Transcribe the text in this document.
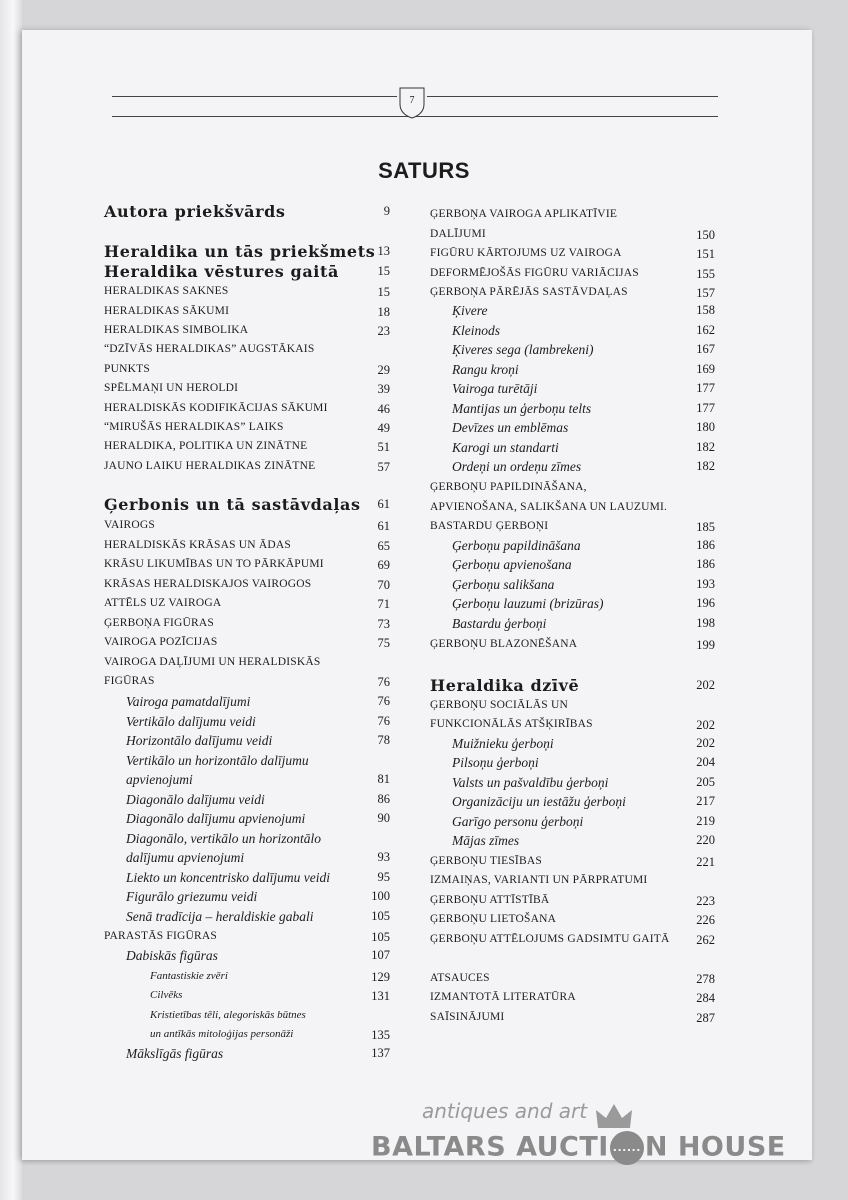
7
SATURS
Autora priekšvārds	9
Heraldika un tās priekšmets 13
Heraldika vēstures gaitā	15
HERALDIKAS SAKNES	15
HERALDIKAS SĀKUMI	18
HERALDIKAS SIMBOLIKA	23
“DZĪVĀS HERALDIKAS” AUGSTĀKAIS
PUNKTS	29
SPĒLMAŅI UN HEROLDI	39
HERALDISKĀS KODIFIKĀCIJAS SĀKUMI	46
“MIRUŠĀS HERALDIKAS” LAIKS	49
HERALDIKA, POLITIKA UN ZINĀTNE	51
JAUNO LAIKU HERALDIKAS ZINĀTNE	57
Ģerbonis un tā sastāvdaļas 61
VAIROGS	61
HERALDISKĀS KRĀSAS UN ĀDAS	65
KRĀSU LIKUMĪBAS UN TO PĀRKĀPUMI	69
KRĀSAS HERALDISKAJOS VAIROGOS	70
ATTĒLS UZ VAIROGA	71
ĢERBOŅA FIGŪRAS	73
VAIROGA POZĪCIJAS	75
VAIROGA DAĻĪJUMI UN HERALDISKĀS
FIGŪRAS	76
Vairoga pamatdalījumi	76
Vertikālo dalījumu veidi	76
Horizontālo dalījumu veidi	78
Vertikālo un horizontālo dalījumu
apvienojumi	81
Diagonālo dalījumu veidi	86
Diagonālo dalījumu apvienojumi	90
Diagonālo, vertikālo un horizontālo
dalījumu apvienojumi	93
Liekto un koncentrisko dalījumu veidi	95
Figurālo griezumu veidi	100
Senā tradīcija – heraldiskie gabali	105
PARASTĀS FIGŪRAS	105
Dabiskās figūras	107
Fantastiskie zvēri	129
Cilvēks	131
Kristietības tēli, alegoriskās būtnes
un antīkās mitoloģijas personāži	135
Mākslīgās figūras	137
ĢERBOŅA VAIROGA APLIKATĪVIE
DALĪJUMI	150
FIGŪRU KĀRTOJUMS UZ VAIROGA	151
DEFORMĒJOŠĀS FIGŪRU VARIĀCIJAS	155
ĢERBOŅA PĀRĒJĀS SASTĀVDAĻAS	157
Ķivere	158
Kleinods	162
Ķiveres sega (lambrekeni)	167
Rangu kroņi	169
Vairoga turētāji	177
Mantijas un ģerboņu telts	177
Devīzes un emblēmas	180
Karogi un standarti	182
Ordeņi un ordeņu zīmes	182
ĢERBOŅU PAPILDINĀŠANA,
APVIENOŠANA, SALIKŠANA UN LAUZUMI.
BASTARDU ĢERBOŅI	185
Ģerboņu papildināšana	186
Ģerboņu apvienošana	186
Ģerboņu salikšana	193
Ģerboņu lauzumi (brizūras)	196
Bastardu ģerboņi	198
ĢERBOŅU BLAZONĒŠANA	199
Heraldika dzīvē	202
ĢERBOŅU SOCIĀLĀS UN
FUNKCIONĀLĀS ATŠĶIRĪBAS	202
Muižnieku ģerboņi	202
Pilsoņu ģerboņi	204
Valsts un pašvaldību ģerboņi	205
Organizāciju un iestāžu ģerboņi	217
Garīgo personu ģerboņi	219
Mājas zīmes	220
ĢERBOŅU TIESĪBAS	221
IZMAIŅAS, VARIANTI UN PĀRPRATUMI
ĢERBOŅU ATTĪSTĪBĀ	223
ĢERBOŅU LIETOŠANA	226
ĢERBOŅU ATTĒLOJUMS GADSIMTU GAITĀ 262
ATSAUCES	278
IZMANTOTĀ LITERATŪRA	284
SAĪSINĀJUMI	287
antiques and art
BALTARS AUCTI ...... N HOUSE
